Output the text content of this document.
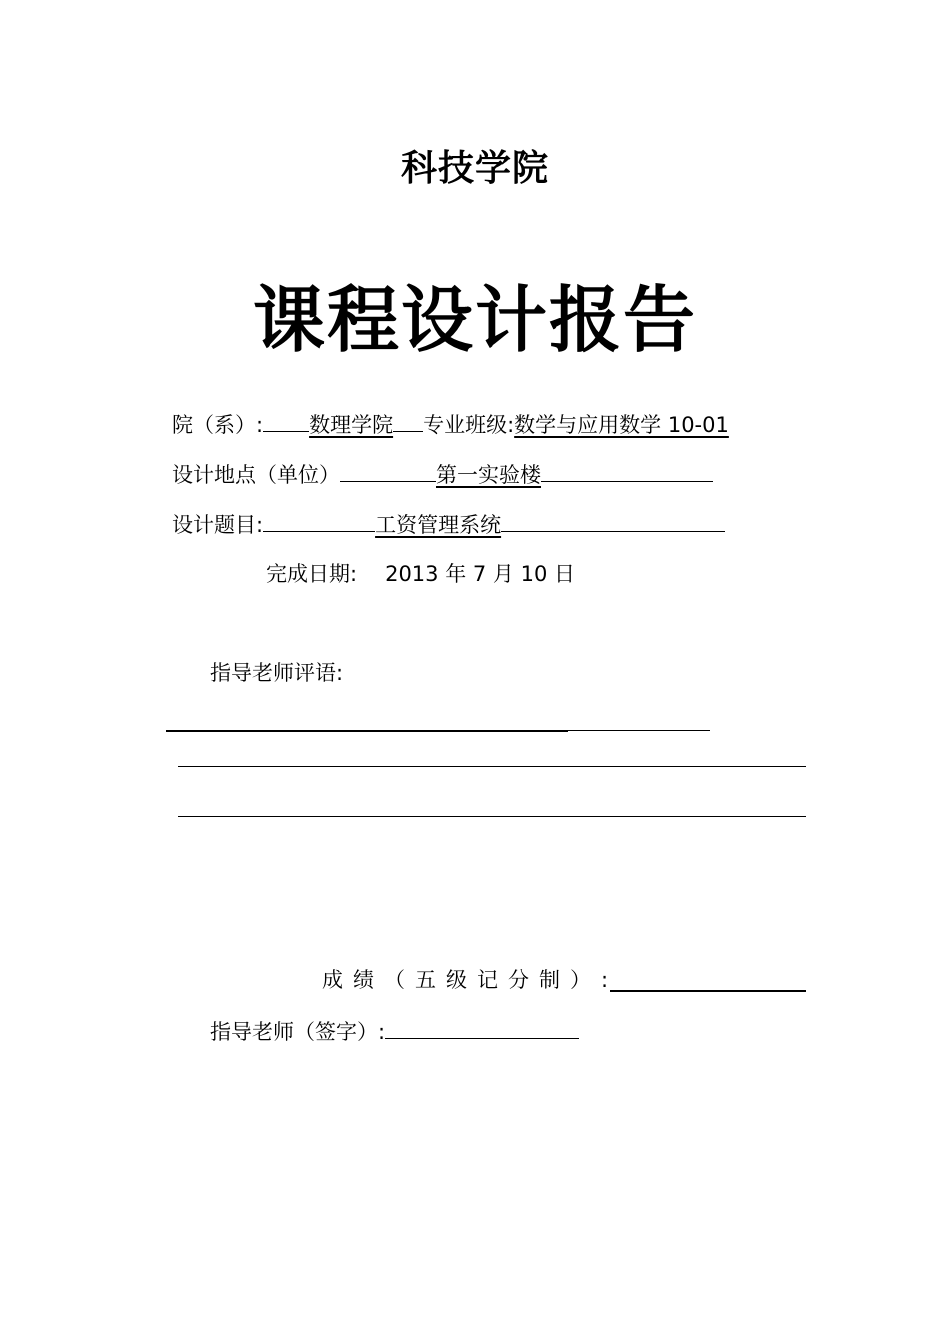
科技学院
课程设计报告
院（系）: 数理学院 专业班级:数学与应用数学 10-01
设计地点（单位）	第一实验楼
设计题目:	工资管理系统
完成日期: 2013 年 7 月 10 日
指导老师评语:
成绩（五级记分制）:
指导老师（签字）:
